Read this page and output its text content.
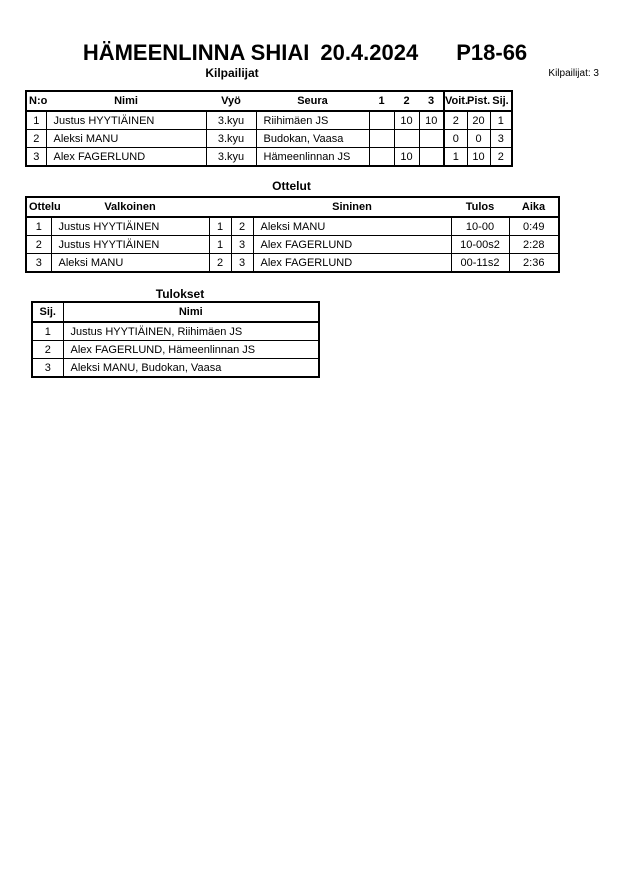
HÄMEENLINNA SHIAI 20.4.2024 P18-66
Kilpailijat	Kilpailijat: 3
N:o	Nimi	Vyö	Seura	1	2	3	Voit.	Pist.	Sij.
1	Justus HYYTIÄINEN	3.kyu	Riihimäen JS		10	10	2	20	1
2	Aleksi MANU	3.kyu	Budokan, Vaasa				0	0	3
3	Alex FAGERLUND	3.kyu	Hämeenlinnan JS		10		1	10	2
Ottelut
Ottelu	Valkoinen			Sininen	Tulos	Aika
1	Justus HYYTIÄINEN	1	2	Aleksi MANU	10-00	0:49
2	Justus HYYTIÄINEN	1	3	Alex FAGERLUND	10-00s2	2:28
3	Aleksi MANU	2	3	Alex FAGERLUND	00-11s2	2:36
Tulokset
Sij.	Nimi
1	Justus HYYTIÄINEN, Riihimäen JS
2	Alex FAGERLUND, Hämeenlinnan JS
3	Aleksi MANU, Budokan, Vaasa
